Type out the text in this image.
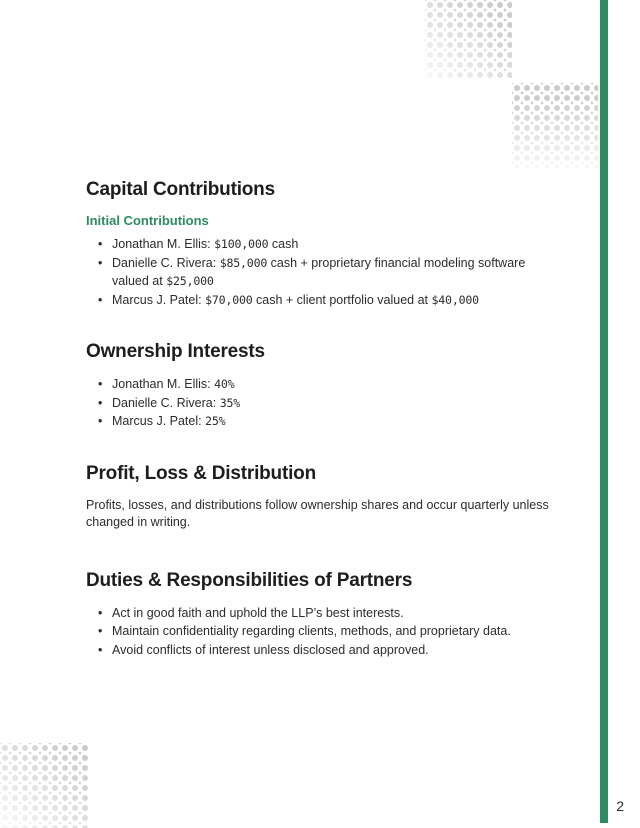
Capital Contributions
Initial Contributions
• Jonathan M. Ellis: $100,000 cash
• Danielle C. Rivera: $85,000 cash + proprietary financial modeling software valued at $25,000
• Marcus J. Patel: $70,000 cash + client portfolio valued at $40,000
Ownership Interests
• Jonathan M. Ellis: 40%
• Danielle C. Rivera: 35%
• Marcus J. Patel: 25%
Profit, Loss & Distribution

Profits, losses, and distributions follow ownership shares and occur quarterly unless changed in writing.

Duties & Responsibilities of Partners
• Act in good faith and uphold the LLP’s best interests.
• Maintain confidentiality regarding clients, methods, and proprietary data.
• Avoid conflicts of interest unless disclosed and approved.
2
